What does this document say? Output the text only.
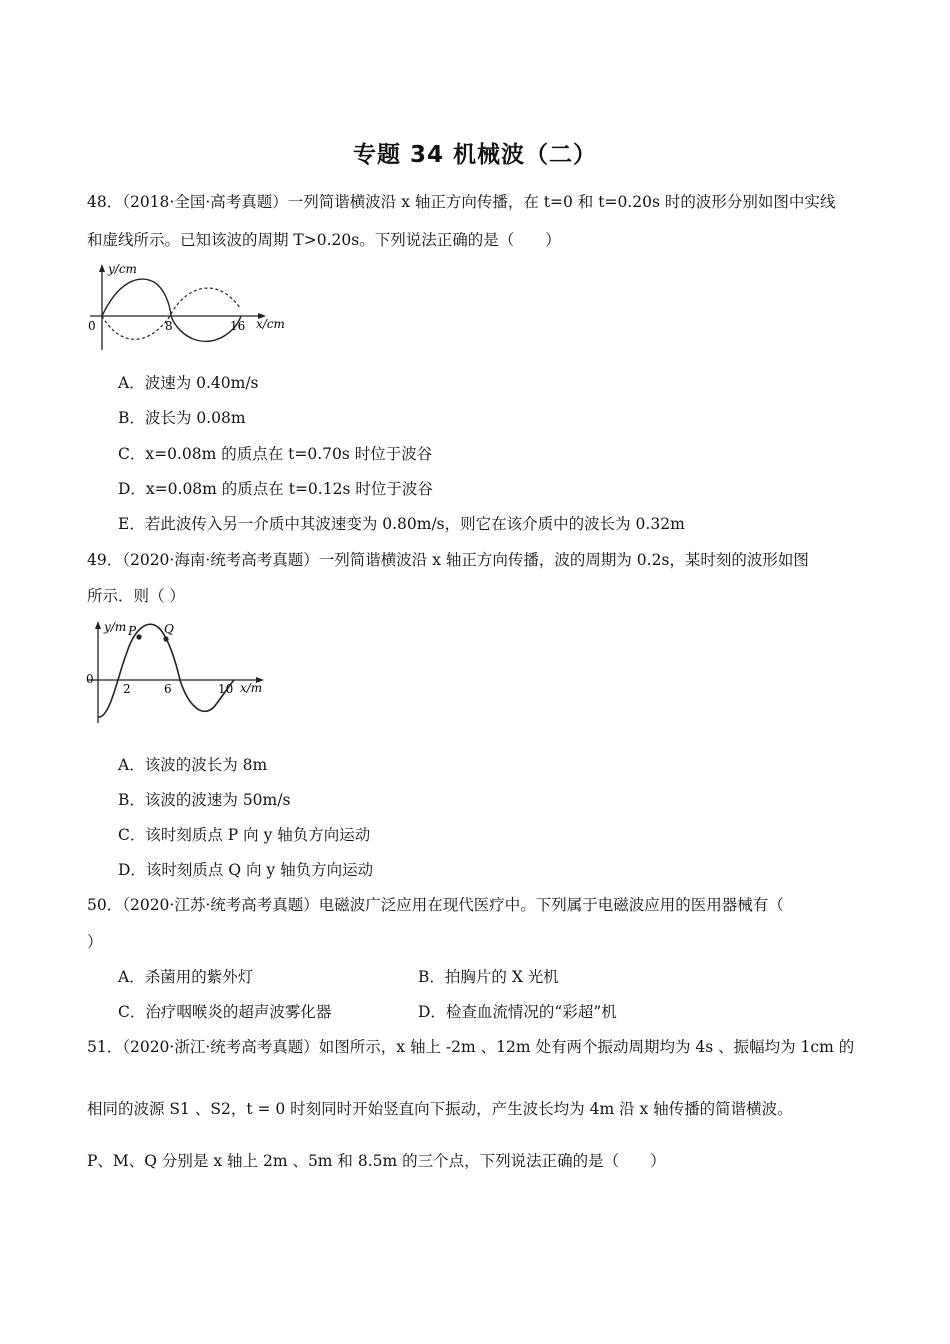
专题 34 机械波（二）
48．（2018·全国·高考真题）一列简谐横波沿 x 轴正方向传播，在 t=0 和 t=0.20s 时的波形分别如图中实线
和虚线所示。已知该波的周期 T>0.20s。下列说法正确的是（　　）
y/cm
x/cm
0	8	16
A．波速为 0.40m/s
B．波长为 0.08m
C．x=0.08m 的质点在 t=0.70s 时位于波谷
D．x=0.08m 的质点在 t=0.12s 时位于波谷
E．若此波传入另一介质中其波速变为 0.80m/s，则它在该介质中的波长为 0.32m
49．（2020·海南·统考高考真题）一列简谐横波沿 x 轴正方向传播，波的周期为 0.2s，某时刻的波形如图
所示．则（ ）
y/m
x/m
0
2	6	10
P Q
A．该波的波长为 8m
B．该波的波速为 50m/s
C．该时刻质点 P 向 y 轴负方向运动
D．该时刻质点 Q 向 y 轴负方向运动
50．（2020·江苏·统考高考真题）电磁波广泛应用在现代医疗中。下列属于电磁波应用的医用器械有（
）
A．杀菌用的紫外灯	B．拍胸片的 X 光机
C．治疗咽喉炎的超声波雾化器	D．检查血流情况的“彩超”机
51．（2020·浙江·统考高考真题）如图所示，x 轴上 -2m 、12m 处有两个振动周期均为 4s 、振幅均为 1cm 的
相同的波源 S1 、S2，t = 0 时刻同时开始竖直向下振动，产生波长均为 4m 沿 x 轴传播的简谐横波。
P、M、Q 分别是 x 轴上 2m 、5m 和 8.5m 的三个点，下列说法正确的是（　　）
